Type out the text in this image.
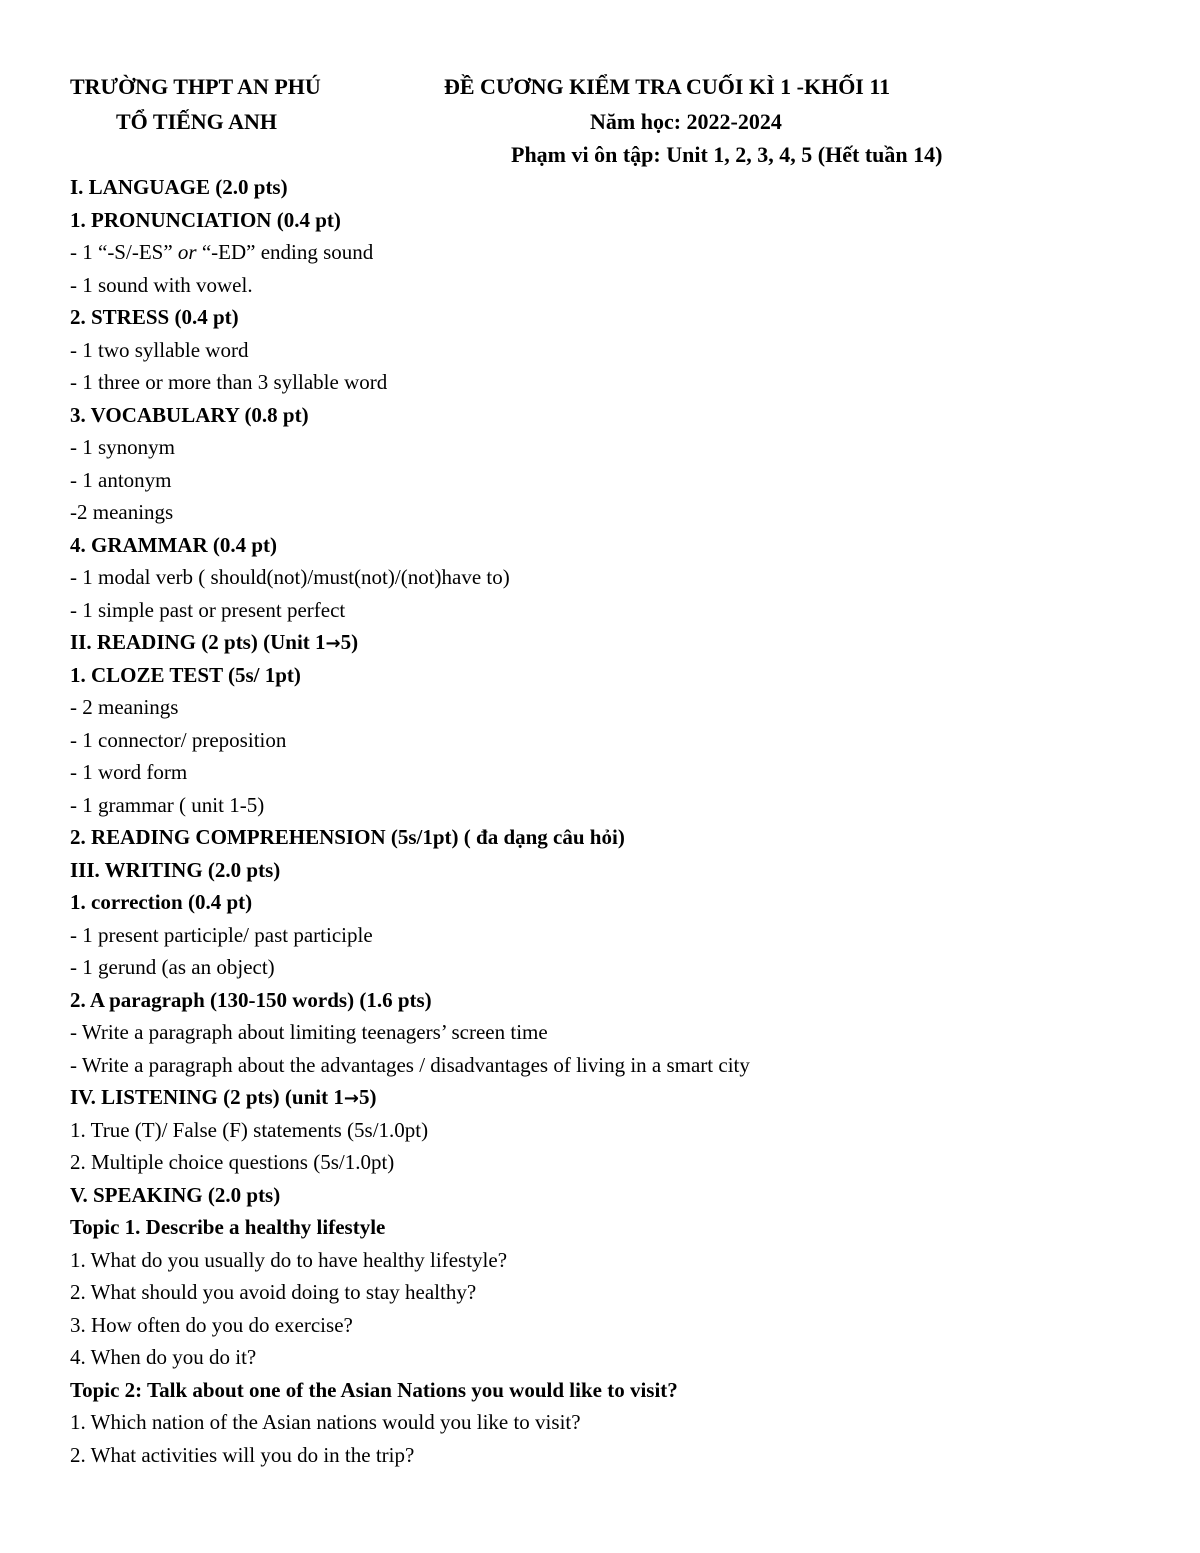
TRƯỜNG THPT AN PHÚ
TỔ TIẾNG ANH
ĐỀ CƯƠNG KIỂM TRA CUỐI KÌ 1 -KHỐI 11
Năm học: 2022-2024
Phạm vi ôn tập: Unit 1, 2, 3, 4, 5 (Hết tuần 14)
I. LANGUAGE (2.0 pts)
1. PRONUNCIATION (0.4 pt)
- 1 “-S/-ES” or “-ED” ending sound
- 1 sound with vowel.
2. STRESS (0.4 pt)
- 1 two syllable word
- 1 three or more than 3 syllable word
3. VOCABULARY (0.8 pt)
- 1 synonym
- 1 antonym
-2 meanings
4. GRAMMAR (0.4 pt)
- 1 modal verb ( should(not)/must(not)/(not)have to)
- 1 simple past or present perfect
II. READING (2 pts) (Unit 1→5)
1. CLOZE TEST (5s/ 1pt)
- 2 meanings
- 1 connector/ preposition
- 1 word form
- 1 grammar ( unit 1-5)
2. READING COMPREHENSION (5s/1pt) ( đa dạng câu hỏi)
III. WRITING (2.0 pts)
1. correction (0.4 pt)
- 1 present participle/ past participle
- 1 gerund (as an object)
2. A paragraph (130-150 words) (1.6 pts)
- Write a paragraph about limiting teenagers’ screen time
- Write a paragraph about the advantages / disadvantages of living in a smart city
IV. LISTENING (2 pts) (unit 1→5)
1. True (T)/ False (F) statements (5s/1.0pt)
2. Multiple choice questions (5s/1.0pt)
V. SPEAKING (2.0 pts)
Topic 1. Describe a healthy lifestyle
1. What do you usually do to have healthy lifestyle?
2. What should you avoid doing to stay healthy?
3. How often do you do exercise?
4. When do you do it?
Topic 2: Talk about one of the Asian Nations you would like to visit?
1. Which nation of the Asian nations would you like to visit?
2. What activities will you do in the trip?
